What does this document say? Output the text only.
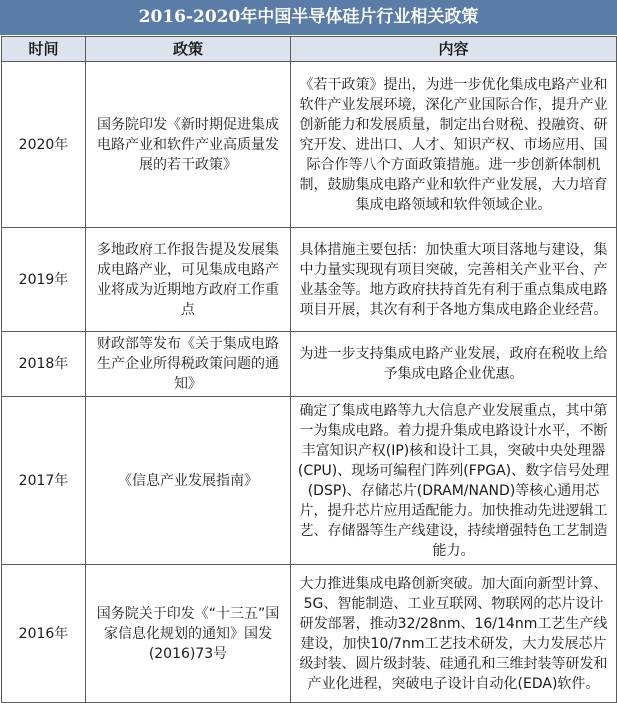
2016-2020年中国半导体硅片行业相关政策
时间	政策	内容
2020年	国务院印发《新时期促进集成电路产业和软件产业高质量发展的若干政策》	《若干政策》提出，为进一步优化集成电路产业和软件产业发展环境，深化产业国际合作，提升产业创新能力和发展质量，制定出台财税、投融资、研究开发、进出口、人才、知识产权、市场应用、国际合作等八个方面政策措施。进一步创新体制机制，鼓励集成电路产业和软件产业发展，大力培育集成电路领域和软件领域企业。
2019年	多地政府工作报告提及发展集成电路产业，可见集成电路产业将成为近期地方政府工作重点	具体措施主要包括：加快重大项目落地与建设，集中力量实现现有项目突破，完善相关产业平台、产业基金等。地方政府扶持首先有利于重点集成电路项目开展，其次有利于各地方集成电路企业经营。
2018年	财政部等发布《关于集成电路生产企业所得税政策问题的通知》	为进一步支持集成电路产业发展，政府在税收上给予集成电路企业优惠。
2017年	《信息产业发展指南》	确定了集成电路等九大信息产业发展重点，其中第一为集成电路。着力提升集成电路设计水平，不断丰富知识产权(IP)核和设计工具，突破中央处理器(CPU)、现场可编程门阵列(FPGA)、数字信号处理(DSP)、存储芯片(DRAM/NAND)等核心通用芯片，提升芯片应用适配能力。加快推动先进逻辑工艺、存储器等生产线建设，持续增强特色工艺制造能力。
2016年	国务院关于印发《“十三五”国家信息化规划的通知》国发(2016)73号	大力推进集成电路创新突破。加大面向新型计算、5G、智能制造、工业互联网、物联网的芯片设计研发部署，推动32/28nm、16/14nm工艺生产线建设，加快10/7nm工艺技术研发，大力发展芯片级封装、圆片级封装、硅通孔和三维封装等研发和产业化进程，突破电子设计自动化(EDA)软件。
